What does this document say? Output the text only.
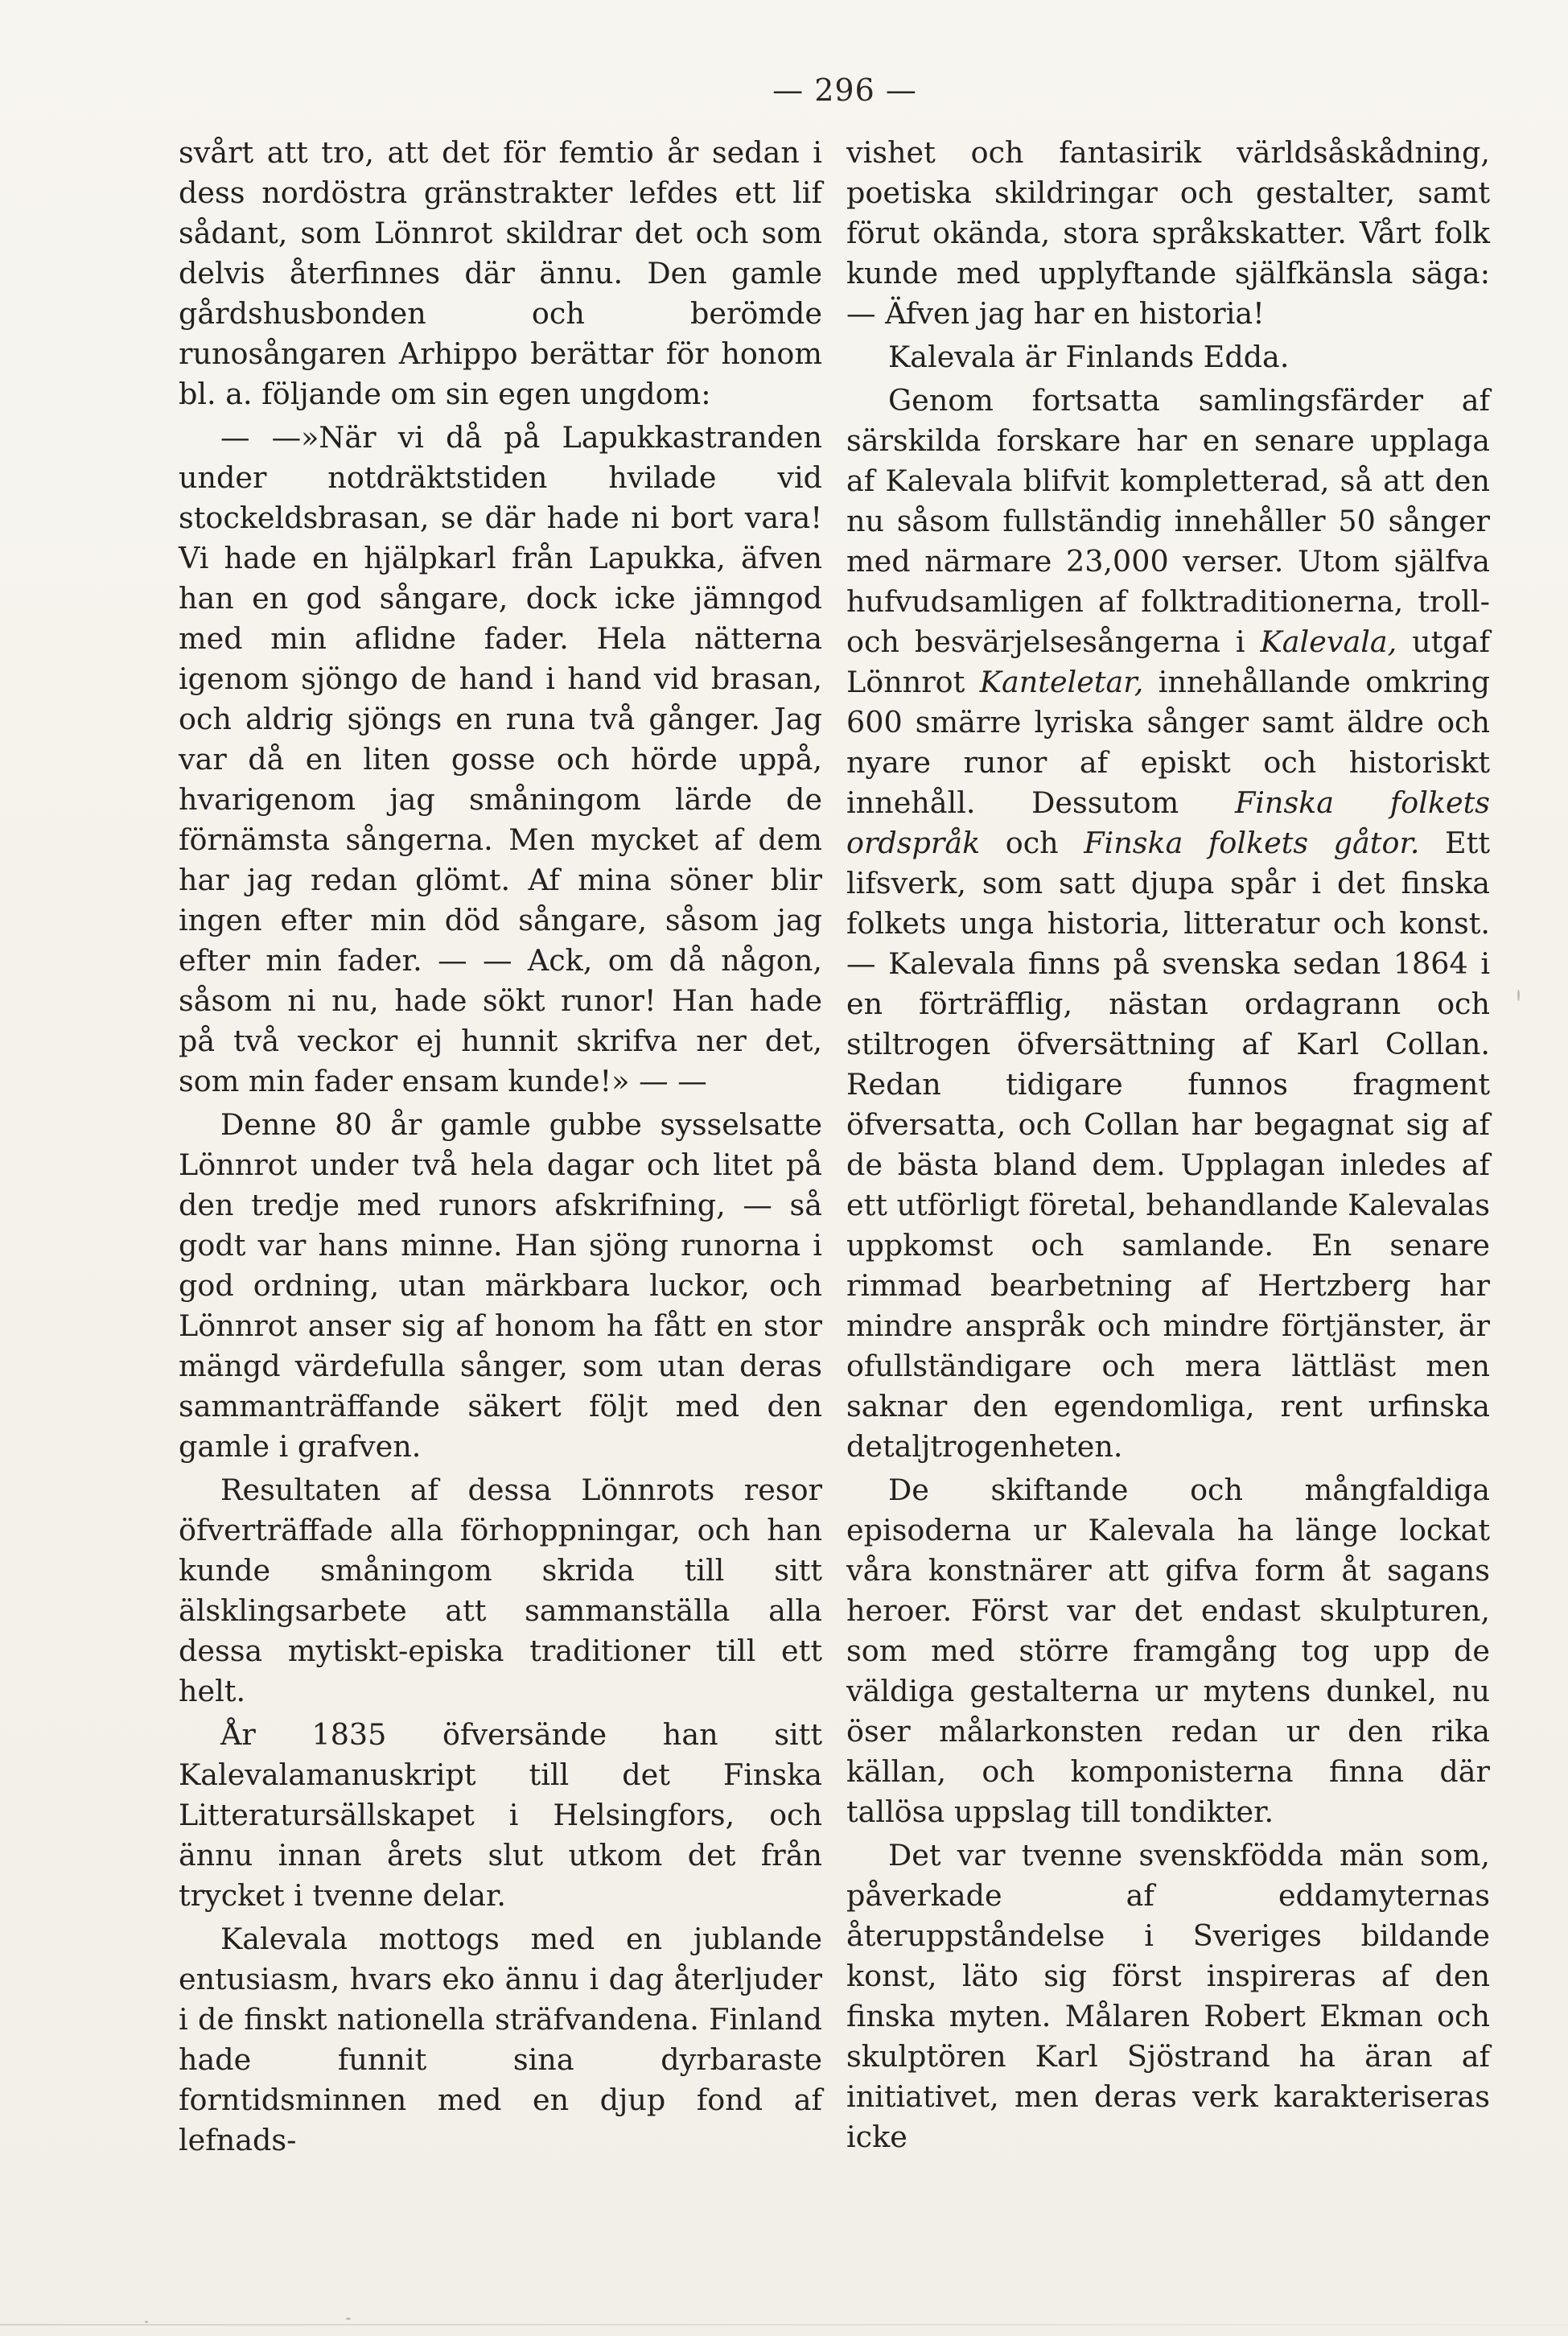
— 296 —

svårt att tro, att det för femtio år sedan i dess nordöstra gränstrakter lefdes ett lif sådant, som Lönnrot skildrar det och som delvis återfinnes där ännu. Den gamle gårdshusbonden och berömde runosångaren Arhippo berättar för honom bl. a. följande om sin egen ungdom:

— —»När vi då på Lapukkastranden under notdräktstiden hvilade vid stockeldsbrasan, se där hade ni bort vara! Vi hade en hjälpkarl från Lapukka, äfven han en god sångare, dock icke jämngod med min aflidne fader. Hela nätterna igenom sjöngo de hand i hand vid brasan, och aldrig sjöngs en runa två gånger. Jag var då en liten gosse och hörde uppå, hvarigenom jag småningom lärde de förnämsta sångerna. Men mycket af dem har jag redan glömt. Af mina söner blir ingen efter min död sångare, såsom jag efter min fader. — — Ack, om då någon, såsom ni nu, hade sökt runor! Han hade på två veckor ej hunnit skrifva ner det, som min fader ensam kunde!» — —

Denne 80 år gamle gubbe sysselsatte Lönnrot under två hela dagar och litet på den tredje med runors afskrifning, — så godt var hans minne. Han sjöng runorna i god ordning, utan märkbara luckor, och Lönnrot anser sig af honom ha fått en stor mängd värdefulla sånger, som utan deras sammanträffande säkert följt med den gamle i grafven.

Resultaten af dessa Lönnrots resor öfverträffade alla förhoppningar, och han kunde småningom skrida till sitt älsklingsarbete att sammanställa alla dessa mytiskt-episka traditioner till ett helt.

År 1835 öfversände han sitt Kalevalamanuskript till det Finska Litteratursällskapet i Helsingfors, och ännu innan årets slut utkom det från trycket i tvenne delar.

Kalevala mottogs med en jublande entusiasm, hvars eko ännu i dag återljuder i de finskt nationella sträfvandena. Finland hade funnit sina dyrbaraste forntidsminnen med en djup fond af lefnads-

vishet och fantasirik världsåskådning, poetiska skildringar och gestalter, samt förut okända, stora språkskatter. Vårt folk kunde med upplyftande själfkänsla säga: — Äfven jag har en historia!

Kalevala är Finlands Edda.

Genom fortsatta samlingsfärder af särskilda forskare har en senare upplaga af Kalevala blifvit kompletterad, så att den nu såsom fullständig innehåller 50 sånger med närmare 23,000 verser. Utom själfva hufvudsamligen af folktraditionerna, troll- och besvärjelsesångerna i Kalevala, utgaf Lönnrot Kanteletar, innehållande omkring 600 smärre lyriska sånger samt äldre och nyare runor af episkt och historiskt innehåll. Dessutom Finska folkets ordspråk och Finska folkets gåtor. Ett lifsverk, som satt djupa spår i det finska folkets unga historia, litteratur och konst. — Kalevala finns på svenska sedan 1864 i en förträfflig, nästan ordagrann och stiltrogen öfversättning af Karl Collan. Redan tidigare funnos fragment öfversatta, och Collan har begagnat sig af de bästa bland dem. Upplagan inledes af ett utförligt företal, behandlande Kalevalas uppkomst och samlande. En senare rimmad bearbetning af Hertzberg har mindre anspråk och mindre förtjänster, är ofullständigare och mera lättläst men saknar den egendomliga, rent urfinska detaljtrogenheten.

De skiftande och mångfaldiga episoderna ur Kalevala ha länge lockat våra konstnärer att gifva form åt sagans heroer. Först var det endast skulpturen, som med större framgång tog upp de väldiga gestalterna ur mytens dunkel, nu öser målarkonsten redan ur den rika källan, och komponisterna finna där tallösa uppslag till tondikter.

Det var tvenne svenskfödda män som, påverkade af eddamyternas återuppståndelse i Sveriges bildande konst, läto sig först inspireras af den finska myten. Målaren Robert Ekman och skulptören Karl Sjöstrand ha äran af initiativet, men deras verk karakteriseras icke
